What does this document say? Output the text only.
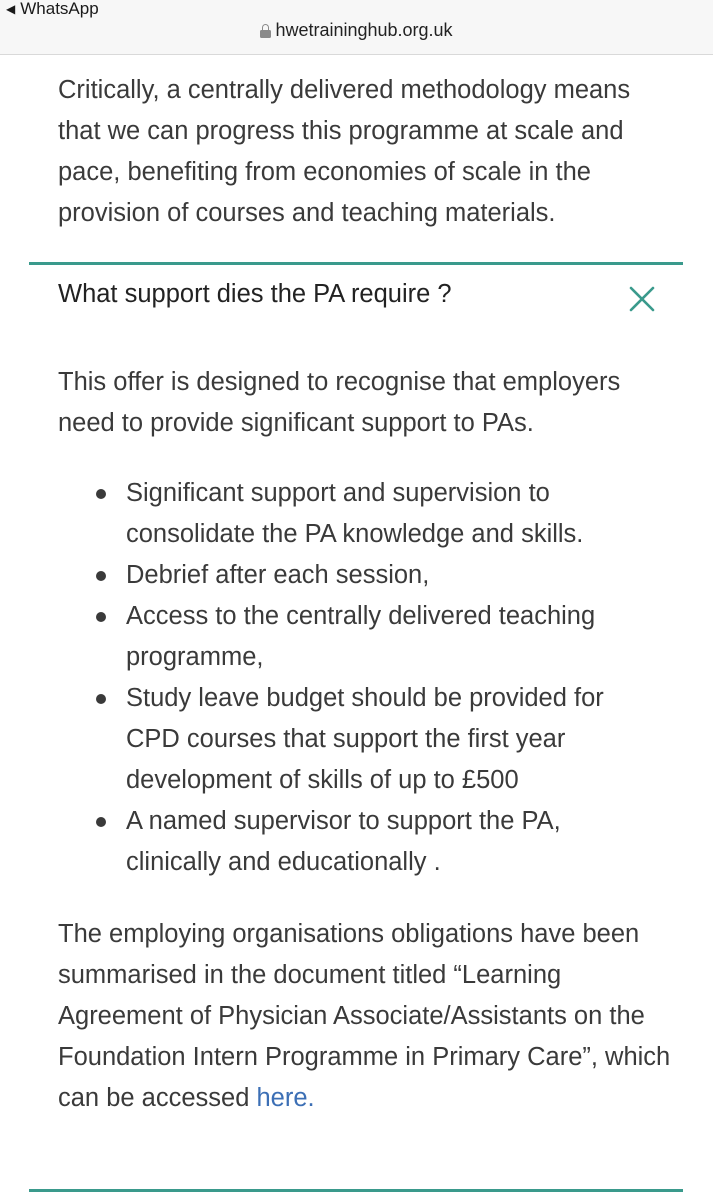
◀ WhatsApp
hwetraininghub.org.uk

Critically, a centrally delivered methodology means that we can progress this programme at scale and pace, benefiting from economies of scale in the provision of courses and teaching materials.

What support dies the PA require ?

This offer is designed to recognise that employers need to provide significant support to PAs.

Significant support and supervision to consolidate the PA knowledge and skills.
Debrief after each session,
Access to the centrally delivered teaching programme,
Study leave budget should be provided for CPD courses that support the first year development of skills of up to £500
A named supervisor to support the PA, clinically and educationally .

The employing organisations obligations have been summarised in the document titled “Learning Agreement of Physician Associate/Assistants on the Foundation Intern Programme in Primary Care”, which can be accessed here.
